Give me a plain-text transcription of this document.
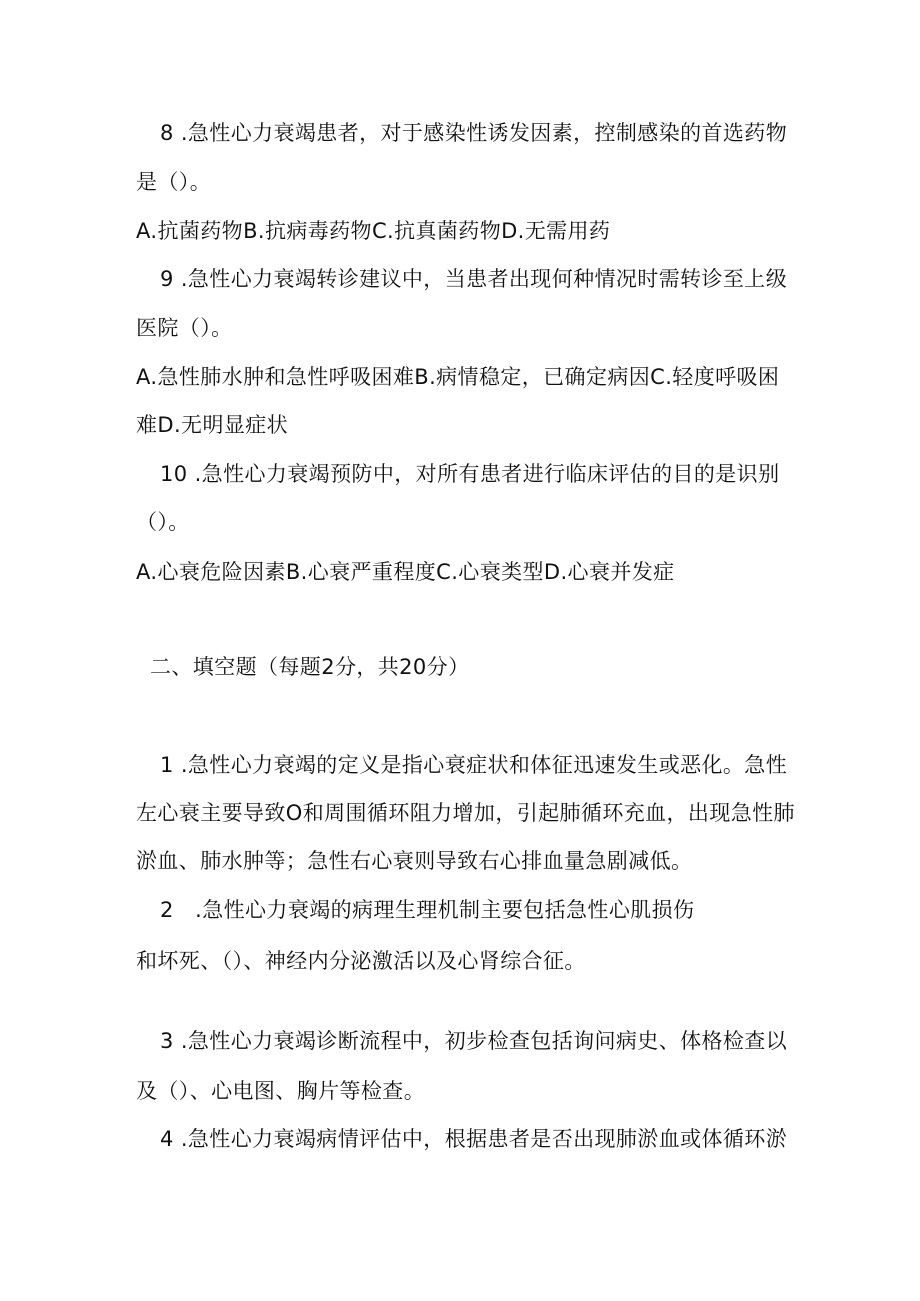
8 .急性心力衰竭患者，对于感染性诱发因素，控制感染的首选药物
是（）。
A.抗菌药物B.抗病毒药物C.抗真菌药物D.无需用药
9 .急性心力衰竭转诊建议中，当患者出现何种情况时需转诊至上级
医院（）。
A.急性肺水肿和急性呼吸困难B.病情稳定，已确定病因C.轻度呼吸困
难D.无明显症状
10 .急性心力衰竭预防中，对所有患者进行临床评估的目的是识别
（）。
A.心衰危险因素B.心衰严重程度C.心衰类型D.心衰并发症
二、填空题（每题2分，共20分）
1 .急性心力衰竭的定义是指心衰症状和体征迅速发生或恶化。急性
左心衰主要导致O和周围循环阻力增加，引起肺循环充血，出现急性肺
淤血、肺水肿等；急性右心衰则导致右心排血量急剧减低。
2　.急性心力衰竭的病理生理机制主要包括急性心肌损伤
和坏死、（）、神经内分泌激活以及心肾综合征。
3 .急性心力衰竭诊断流程中，初步检查包括询问病史、体格检查以
及（）、心电图、胸片等检查。
4 .急性心力衰竭病情评估中，根据患者是否出现肺淤血或体循环淤
